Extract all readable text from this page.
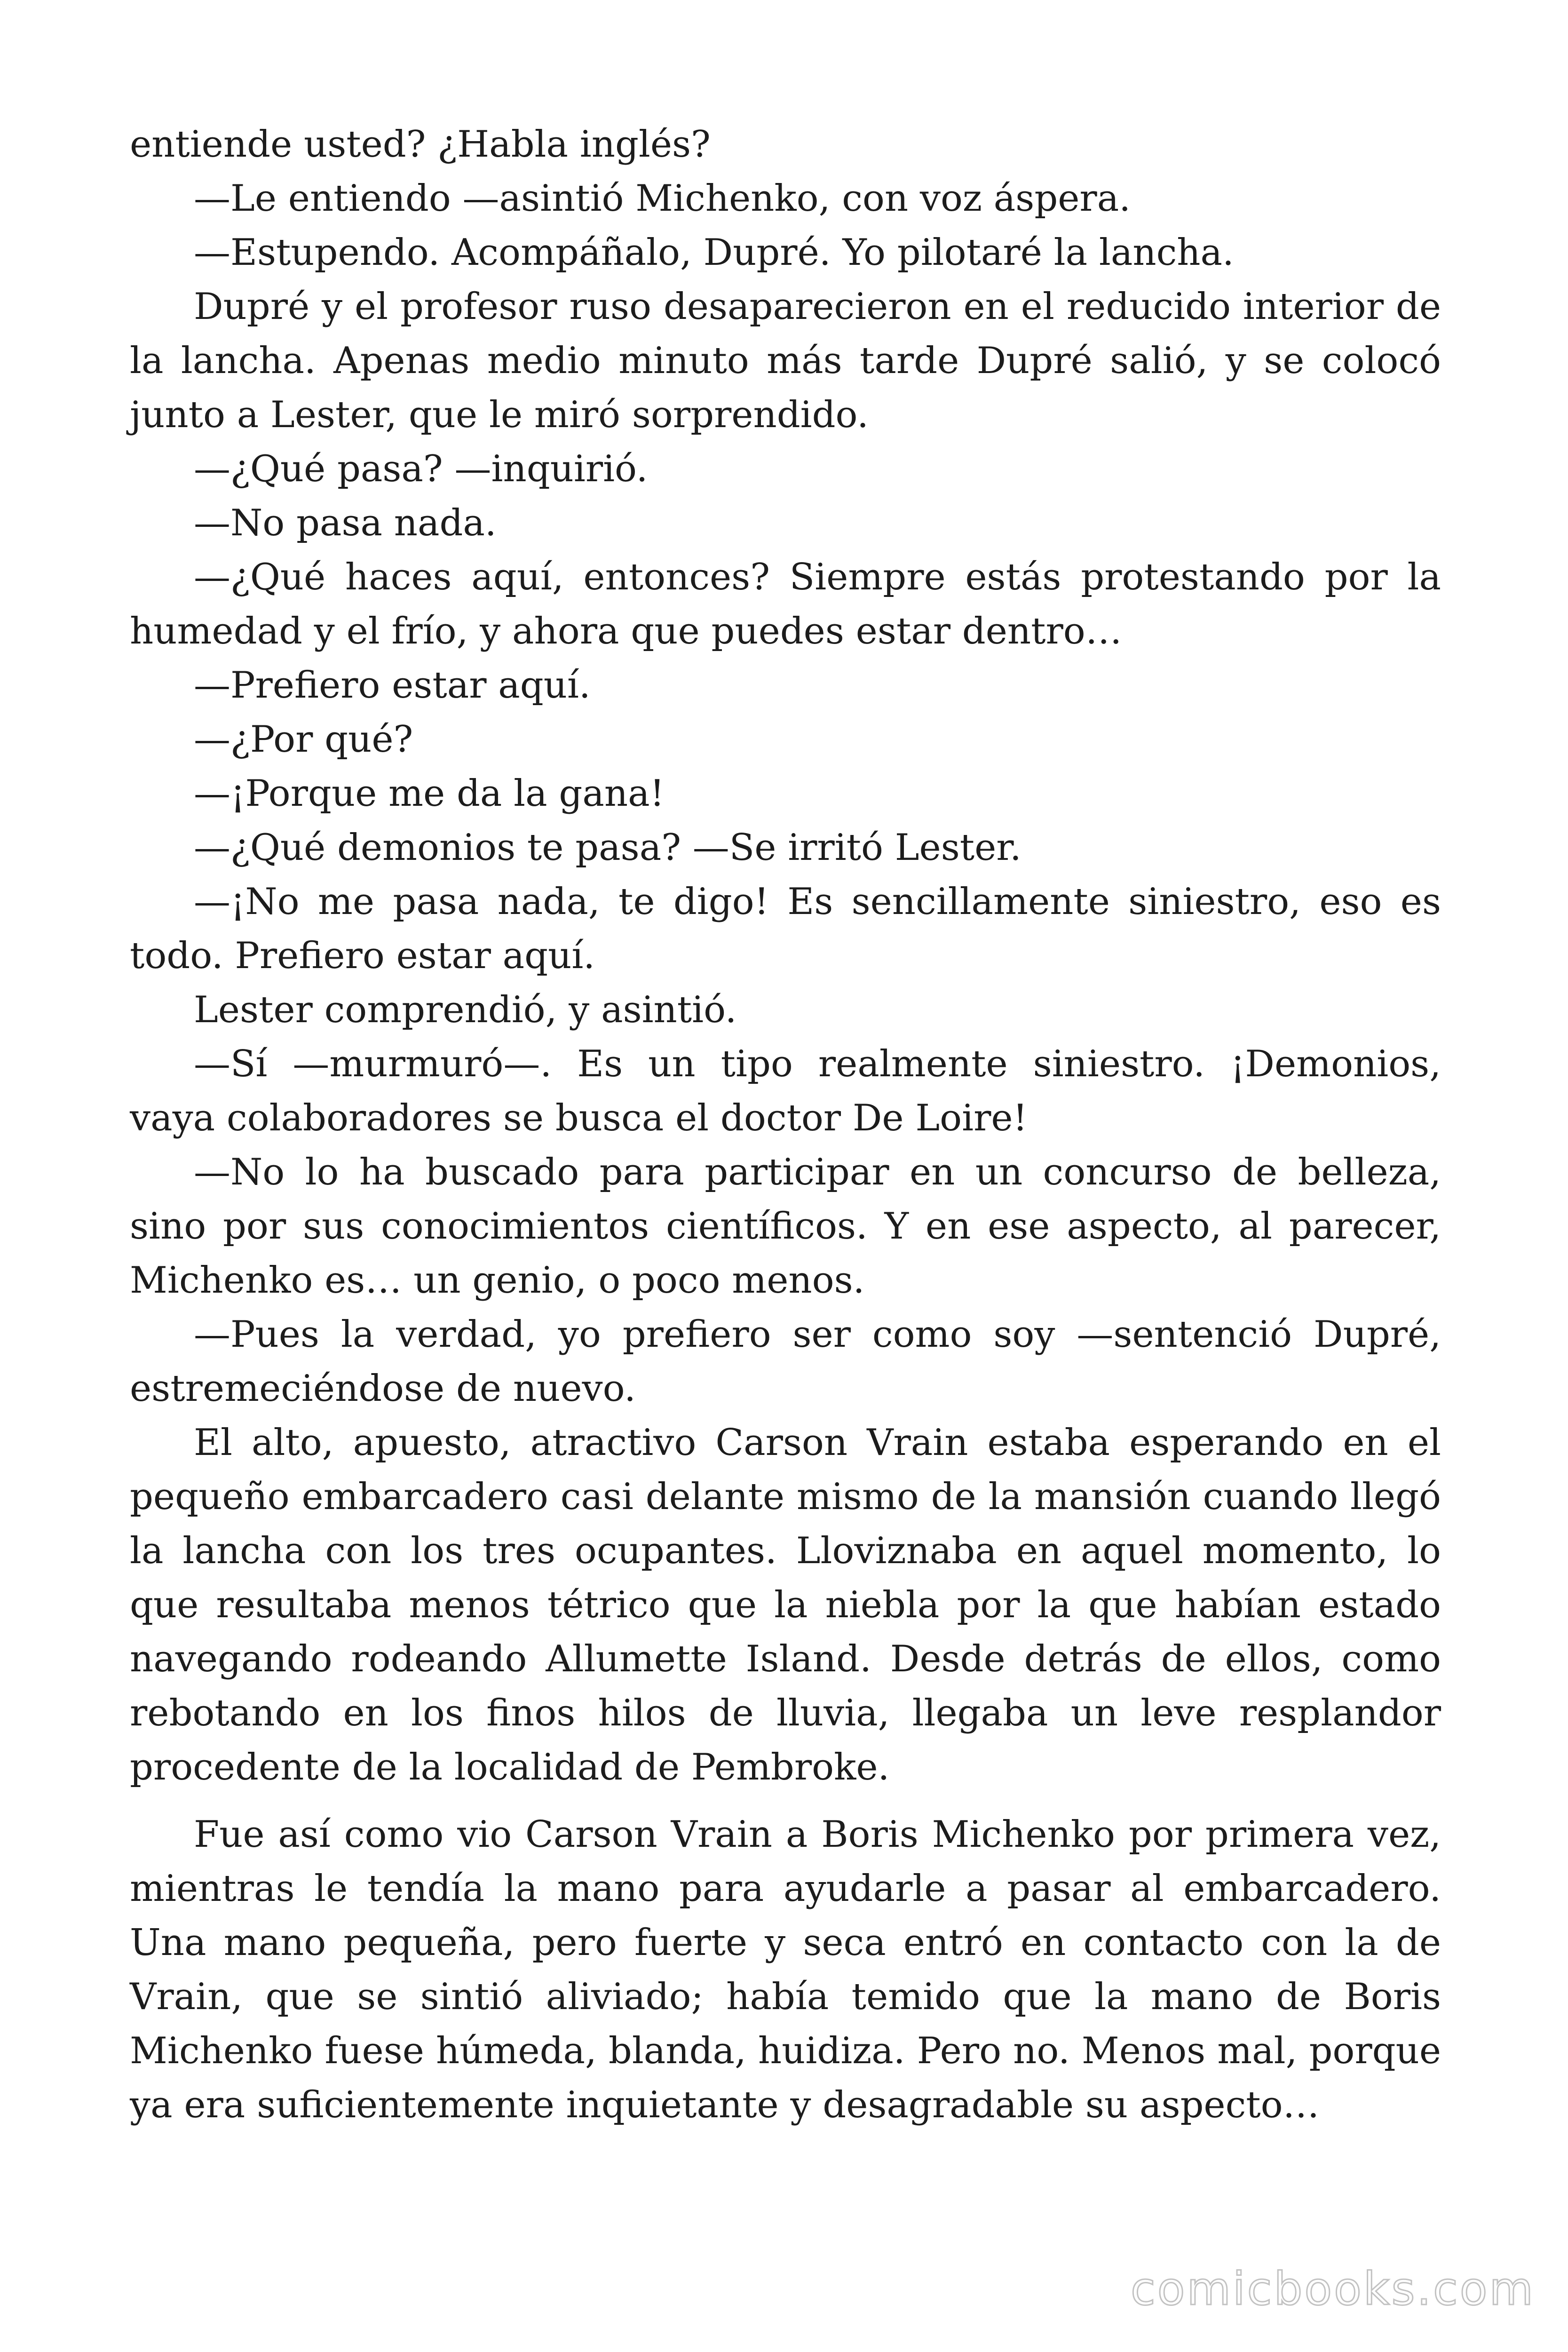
entiende usted? ¿Habla inglés?

—Le entiendo —asintió Michenko, con voz áspera.

—Estupendo. Acompáñalo, Dupré. Yo pilotaré la lancha.

Dupré y el profesor ruso desaparecieron en el reducido interior de la lancha. Apenas medio minuto más tarde Dupré salió, y se colocó junto a Lester, que le miró sorprendido.

—¿Qué pasa? —inquirió.

—No pasa nada.

—¿Qué haces aquí, entonces? Siempre estás protestando por la humedad y el frío, y ahora que puedes estar dentro…

—Prefiero estar aquí.

—¿Por qué?

—¡Porque me da la gana!

—¿Qué demonios te pasa? —Se irritó Lester.

—¡No me pasa nada, te digo! Es sencillamente siniestro, eso es todo. Prefiero estar aquí.

Lester comprendió, y asintió.

—Sí —murmuró—. Es un tipo realmente siniestro. ¡Demonios, vaya colaboradores se busca el doctor De Loire!

—No lo ha buscado para participar en un concurso de belleza, sino por sus conocimientos científicos. Y en ese aspecto, al parecer, Michenko es… un genio, o poco menos.

—Pues la verdad, yo prefiero ser como soy —sentenció Dupré, estremeciéndose de nuevo.

El alto, apuesto, atractivo Carson Vrain estaba esperando en el pequeño embarcadero casi delante mismo de la mansión cuando llegó la lancha con los tres ocupantes. Lloviznaba en aquel momento, lo que resultaba menos tétrico que la niebla por la que habían estado navegando rodeando Allumette Island. Desde detrás de ellos, como rebotando en los finos hilos de lluvia, llegaba un leve resplandor procedente de la localidad de Pembroke.

Fue así como vio Carson Vrain a Boris Michenko por primera vez, mientras le tendía la mano para ayudarle a pasar al embarcadero. Una mano pequeña, pero fuerte y seca entró en contacto con la de Vrain, que se sintió aliviado; había temido que la mano de Boris Michenko fuese húmeda, blanda, huidiza. Pero no. Menos mal, porque ya era suficientemente inquietante y desagradable su aspecto…

comicbooks.com
